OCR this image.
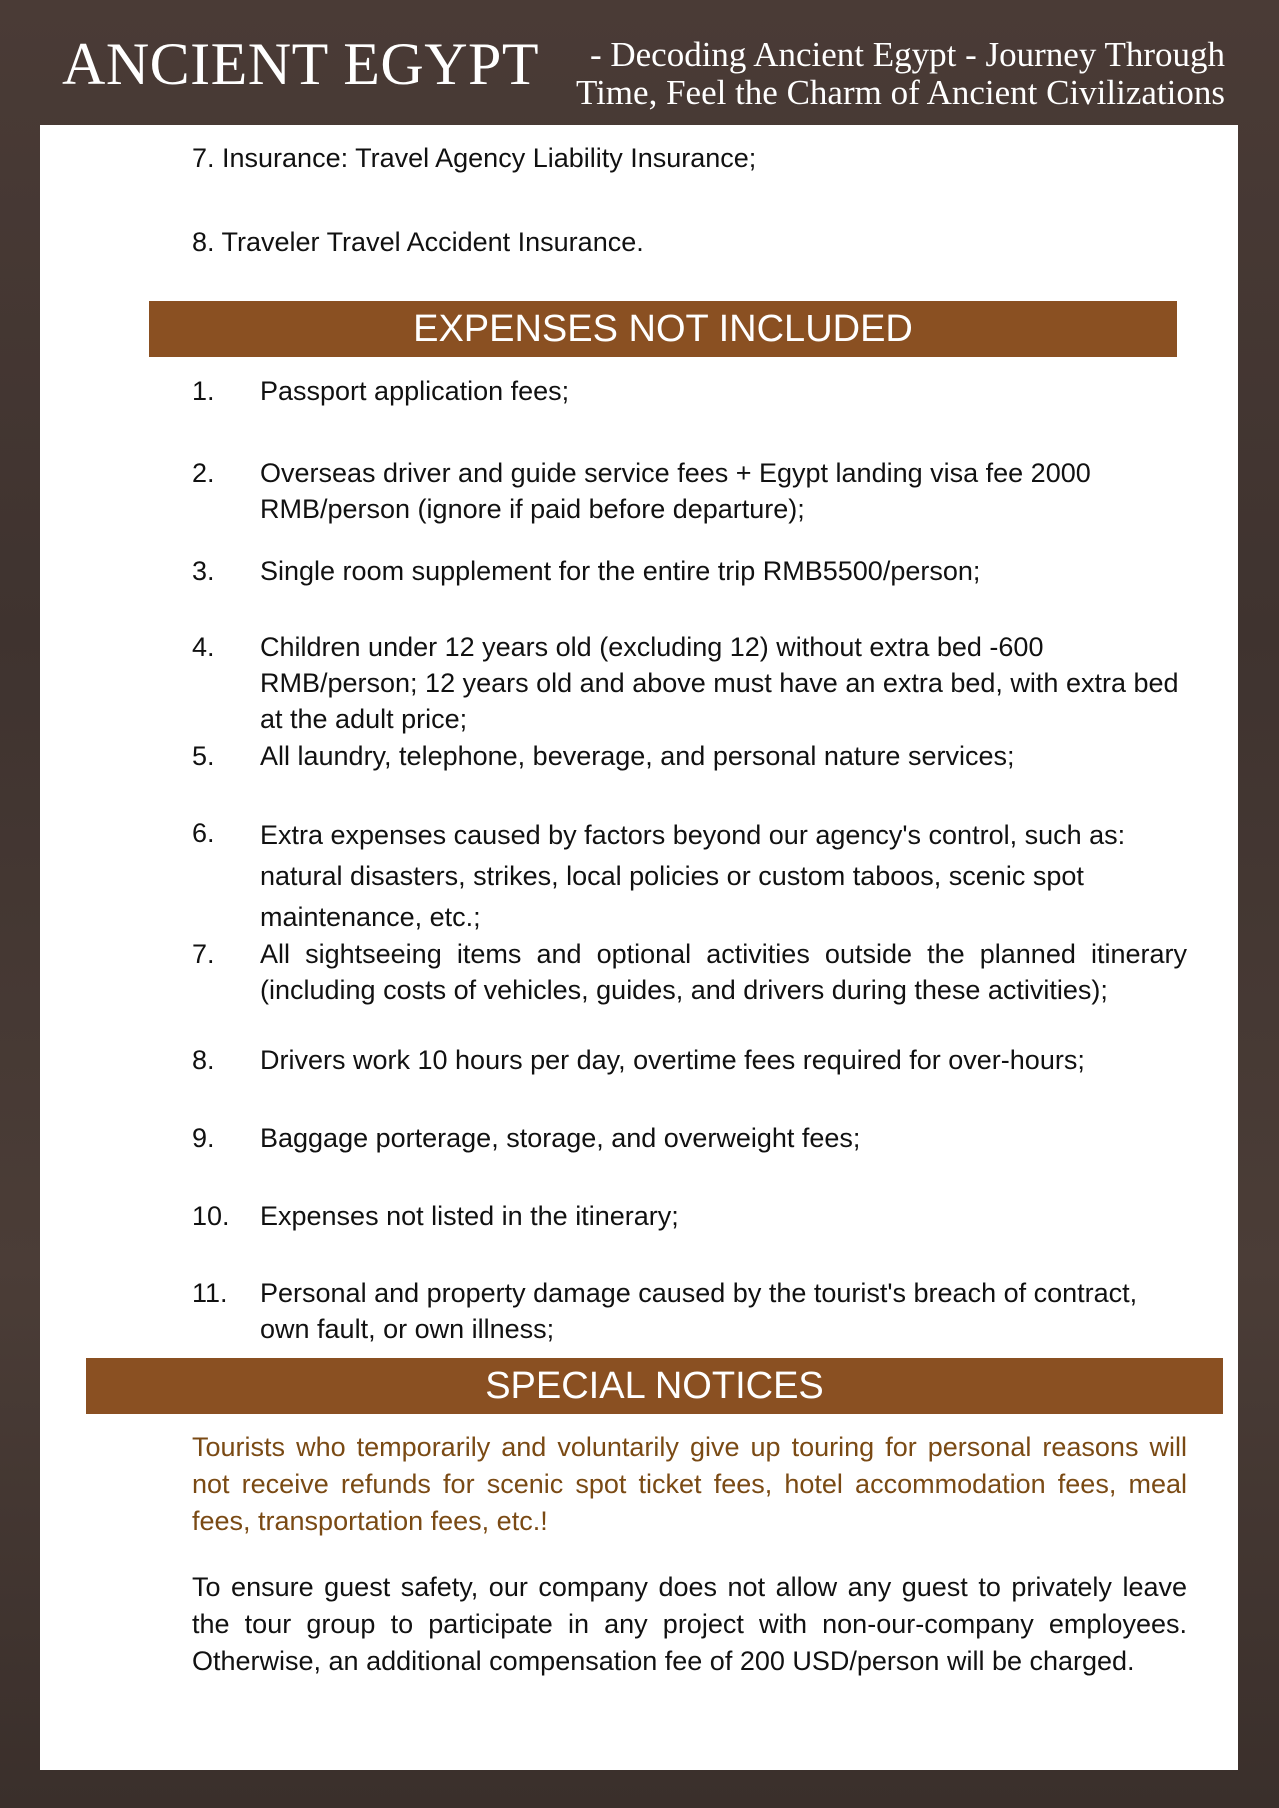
ANCIENT EGYPT	- Decoding Ancient Egypt - Journey Through Time, Feel the Charm of Ancient Civilizations
7. Insurance: Travel Agency Liability Insurance;
8. Traveler Travel Accident Insurance.
EXPENSES NOT INCLUDED
1.	Passport application fees;
2.	Overseas driver and guide service fees + Egypt landing visa fee 2000 RMB/person (ignore if paid before departure);
3.	Single room supplement for the entire trip RMB5500/person;
4.	Children under 12 years old (excluding 12) without extra bed -600 RMB/person; 12 years old and above must have an extra bed, with extra bed at the adult price;
5.	All laundry, telephone, beverage, and personal nature services;
6.	Extra expenses caused by factors beyond our agency's control, such as: natural disasters, strikes, local policies or custom taboos, scenic spot maintenance, etc.;
7.	All sightseeing items and optional activities outside the planned itinerary (including costs of vehicles, guides, and drivers during these activities);
8.	Drivers work 10 hours per day, overtime fees required for over-hours;
9.	Baggage porterage, storage, and overweight fees;
10.	Expenses not listed in the itinerary;
11.	Personal and property damage caused by the tourist's breach of contract, own fault, or own illness;
SPECIAL NOTICES
Tourists who temporarily and voluntarily give up touring for personal reasons will not receive refunds for scenic spot ticket fees, hotel accommodation fees, meal fees, transportation fees, etc.!
To ensure guest safety, our company does not allow any guest to privately leave the tour group to participate in any project with non-our-company employees. Otherwise, an additional compensation fee of 200 USD/person will be charged.
